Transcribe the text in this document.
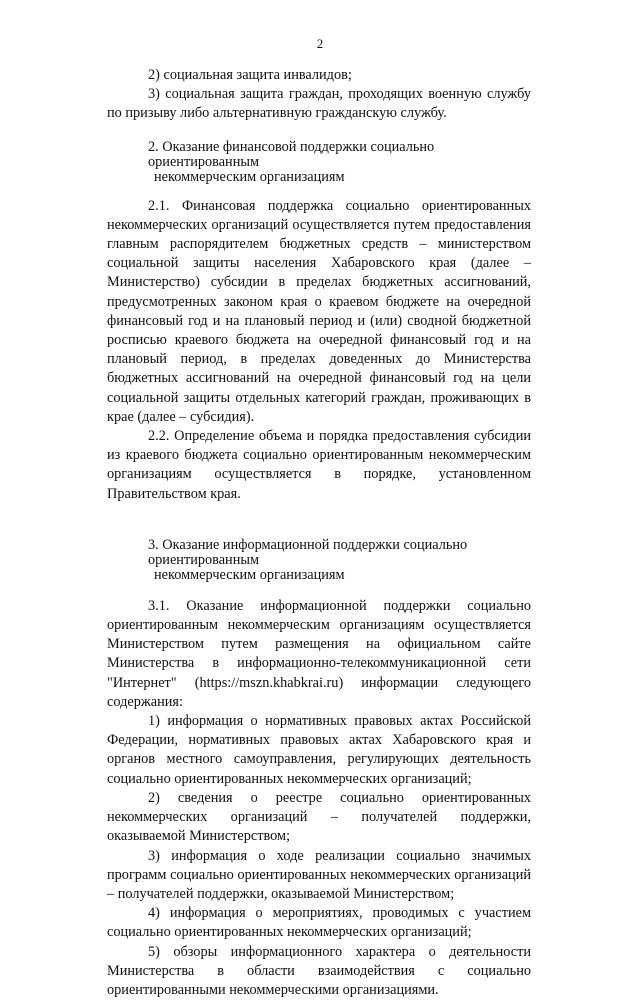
2

2) социальная защита инвалидов;

3) социальная защита граждан, проходящих военную службу по призыву либо альтернативную гражданскую службу.

2. Оказание финансовой поддержки социально ориентированным
некоммерческим организациям

2.1. Финансовая поддержка социально ориентированных некоммерческих организаций осуществляется путем предоставления главным распорядителем бюджетных средств – министерством социальной защиты населения Хабаровского края (далее – Министерство) субсидии в пределах бюджетных ассигнований, предусмотренных законом края о краевом бюджете на очередной финансовый год и на плановый период и (или) сводной бюджетной росписью краевого бюджета на очередной финансовый год и на плановый период, в пределах доведенных до Министерства бюджетных ассигнований на очередной финансовый год на цели социальной защиты отдельных категорий граждан, проживающих в крае (далее – субсидия).

2.2. Определение объема и порядка предоставления субсидии из краевого бюджета социально ориентированным некоммерческим организациям осуществляется в порядке, установленном Правительством края.

3. Оказание информационной поддержки социально ориентированным
некоммерческим организациям

3.1. Оказание информационной поддержки социально ориентированным некоммерческим организациям осуществляется Министерством путем размещения на официальном сайте Министерства в информационно-телекоммуникационной сети "Интернет" (https://mszn.khabkrai.ru) информации следующего содержания:

1) информация о нормативных правовых актах Российской Федерации, нормативных правовых актах Хабаровского края и органов местного самоуправления, регулирующих деятельность социально ориентированных некоммерческих организаций;

2) сведения о реестре социально ориентированных некоммерческих организаций – получателей поддержки, оказываемой Министерством;

3) информация о ходе реализации социально значимых программ социально ориентированных некоммерческих организаций – получателей поддержки, оказываемой Министерством;

4) информация о мероприятиях, проводимых с участием социально ориентированных некоммерческих организаций;

5) обзоры информационного характера о деятельности Министерства в области взаимодействия с социально ориентированными некоммерческими организациями.
